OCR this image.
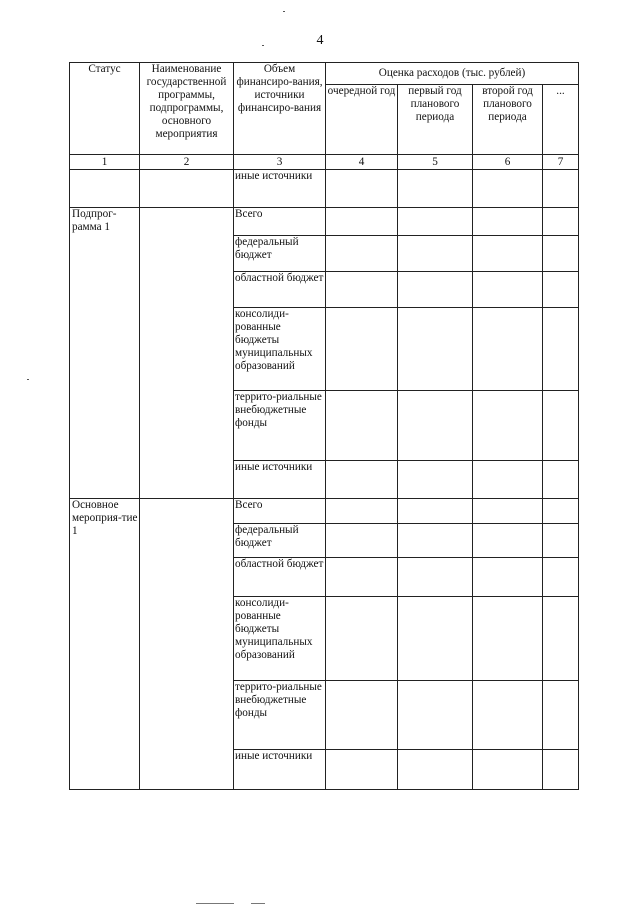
4
Статус	Наименование государственной программы, подпрограммы, основного мероприятия	Объем финансиро-вания, источники финансиро-вания	Оценка расходов (тыс. рублей)			
			очередной год	первый год планового периода	второй год планового периода	...
1	2	3	4	5	6	7
		иные источники				
Подпрог-рамма 1		Всего				
		федеральный бюджет				
		областной бюджет				
		консолиди-рованные бюджеты муниципальных образований				
		террито-риальные внебюджетные фонды				
		иные источники				
Основное мероприя-тие 1		Всего				
		федеральный бюджет				
		областной бюджет				
		консолиди-рованные бюджеты муниципальных образований				
		террито-риальные внебюджетные фонды				
		иные источники				
